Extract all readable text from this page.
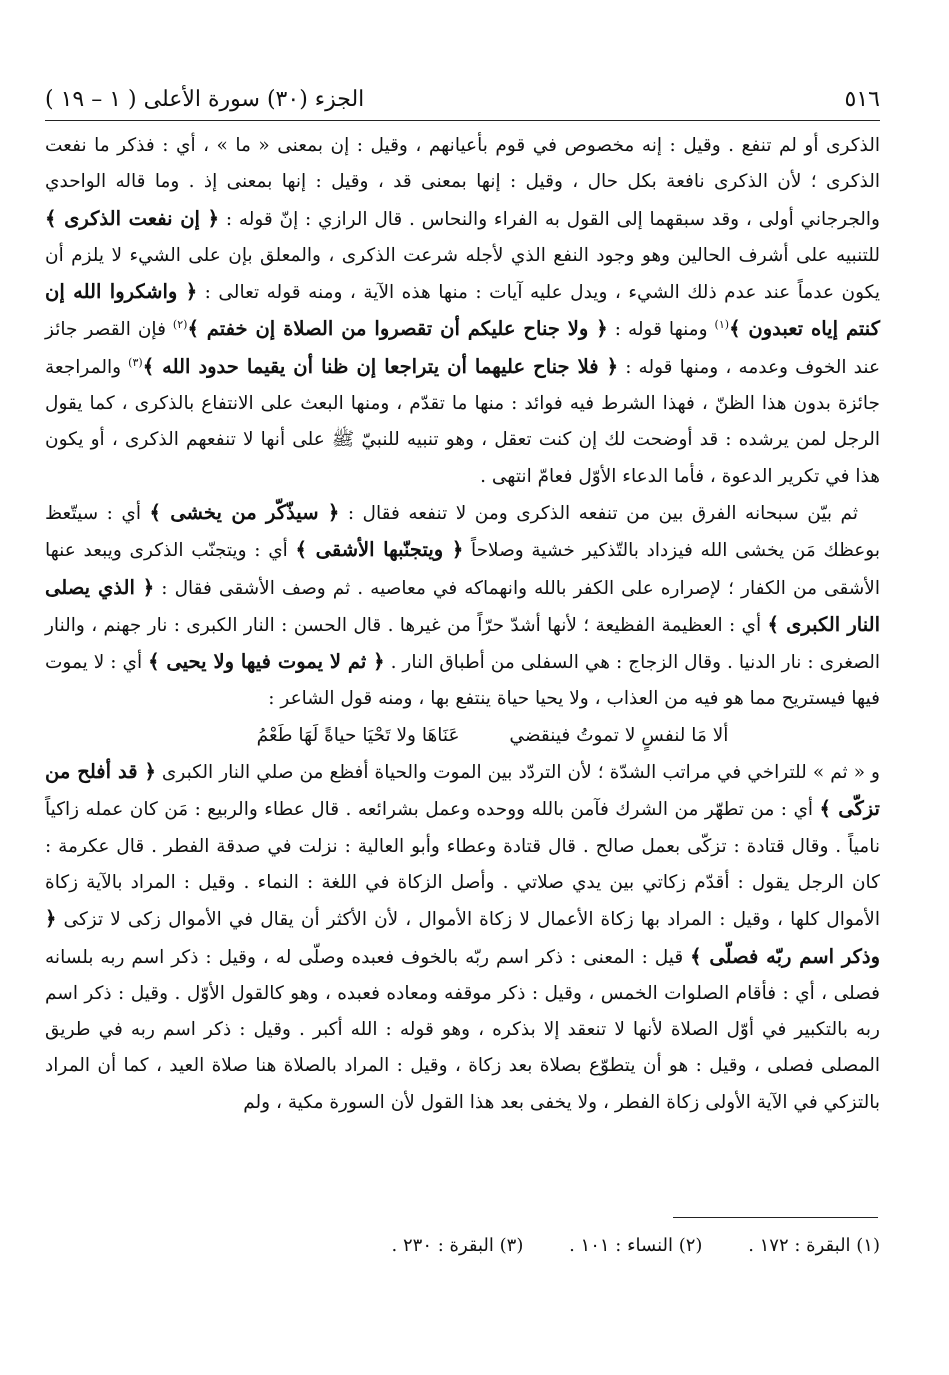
٥١٦
الجزء (٣٠) سورة الأعلى ( ١ – ١٩ )

الذكرى أو لم تنفع . وقيل : إنه مخصوص في قوم بأعيانهم ، وقيل : إن بمعنى « ما » ، أي : فذكر ما نفعت الذكرى ؛ لأن الذكرى نافعة بكل حال ، وقيل : إنها بمعنى قد ، وقيل : إنها بمعنى إذ . وما قاله الواحدي والجرجاني أولى ، وقد سبقهما إلى القول به الفراء والنحاس . قال الرازي : إنّ قوله : ﴿ إن نفعت الذكرى ﴾ للتنبيه على أشرف الحالين وهو وجود النفع الذي لأجله شرعت الذكرى ، والمعلق بإن على الشيء لا يلزم أن يكون عدماً عند عدم ذلك الشيء ، ويدل عليه آيات : منها هذه الآية ، ومنه قوله تعالى : ﴿ واشكروا الله إن كنتم إياه تعبدون ﴾$^{(١)}$ ومنها قوله : ﴿ ولا جناح عليكم أن تقصروا من الصلاة إن خفتم ﴾$^{(٢)}$ فإن القصر جائز عند الخوف وعدمه ، ومنها قوله : ﴿ فلا جناح عليهما أن يتراجعا إن ظنا أن يقيما حدود الله ﴾$^{(٣)}$ والمراجعة جائزة بدون هذا الظنّ ، فهذا الشرط فيه فوائد : منها ما تقدّم ، ومنها البعث على الانتفاع بالذكرى ، كما يقول الرجل لمن يرشده : قد أوضحت لك إن كنت تعقل ، وهو تنبيه للنبيّ ﷺ على أنها لا تنفعهم الذكرى ، أو يكون هذا في تكرير الدعوة ، فأما الدعاء الأوّل فعامّ انتهى .

ثم بيّن سبحانه الفرق بين من تنفعه الذكرى ومن لا تنفعه فقال : ﴿ سيذّكّر من يخشى ﴾ أي : سيتّعظ بوعظك مَن يخشى الله فيزداد بالتّذكير خشية وصلاحاً ﴿ ويتجنّبها الأشقى ﴾ أي : ويتجنّب الذكرى ويبعد عنها الأشقى من الكفار ؛ لإصراره على الكفر بالله وانهماكه في معاصيه . ثم وصف الأشقى فقال : ﴿ الذي يصلى النار الكبرى ﴾ أي : العظيمة الفظيعة ؛ لأنها أشدّ حرّاً من غيرها . قال الحسن : النار الكبرى : نار جهنم ، والنار الصغرى : نار الدنيا . وقال الزجاج : هي السفلى من أطباق النار . ﴿ ثم لا يموت فيها ولا يحيى ﴾ أي : لا يموت فيها فيستريح مما هو فيه من العذاب ، ولا يحيا حياة ينتفع بها ، ومنه قول الشاعر :

ألا مَا لنفسٍ لا تموتُ فينقضي عَنَاهَا ولا تَحْيَا حياةً لَهَا طَعْمُ

و « ثم » للتراخي في مراتب الشدّة ؛ لأن التردّد بين الموت والحياة أفظع من صلي النار الكبرى ﴿ قد أفلح من تزكّى ﴾ أي : من تطهّر من الشرك فآمن بالله ووحده وعمل بشرائعه . قال عطاء والربيع : مَن كان عمله زاكياً نامياً . وقال قتادة : تزكّى بعمل صالح . قال قتادة وعطاء وأبو العالية : نزلت في صدقة الفطر . قال عكرمة : كان الرجل يقول : أقدّم زكاتي بين يدي صلاتي . وأصل الزكاة في اللغة : النماء . وقيل : المراد بالآية زكاة الأموال كلها ، وقيل : المراد بها زكاة الأعمال لا زكاة الأموال ، لأن الأكثر أن يقال في الأموال زكى لا تزكى ﴿ وذكر اسم ربّه فصلّى ﴾ قيل : المعنى : ذكر اسم ربّه بالخوف فعبده وصلّى له ، وقيل : ذكر اسم ربه بلسانه فصلى ، أي : فأقام الصلوات الخمس ، وقيل : ذكر موقفه ومعاده فعبده ، وهو كالقول الأوّل . وقيل : ذكر اسم ربه بالتكبير في أوّل الصلاة لأنها لا تنعقد إلا بذكره ، وهو قوله : الله أكبر . وقيل : ذكر اسم ربه في طريق المصلى فصلى ، وقيل : هو أن يتطوّع بصلاة بعد زكاة ، وقيل : المراد بالصلاة هنا صلاة العيد ، كما أن المراد بالتزكي في الآية الأولى زكاة الفطر ، ولا يخفى بعد هذا القول لأن السورة مكية ، ولم

(١) البقرة : ١٧٢ . (٢) النساء : ١٠١ . (٣) البقرة : ٢٣٠ .
